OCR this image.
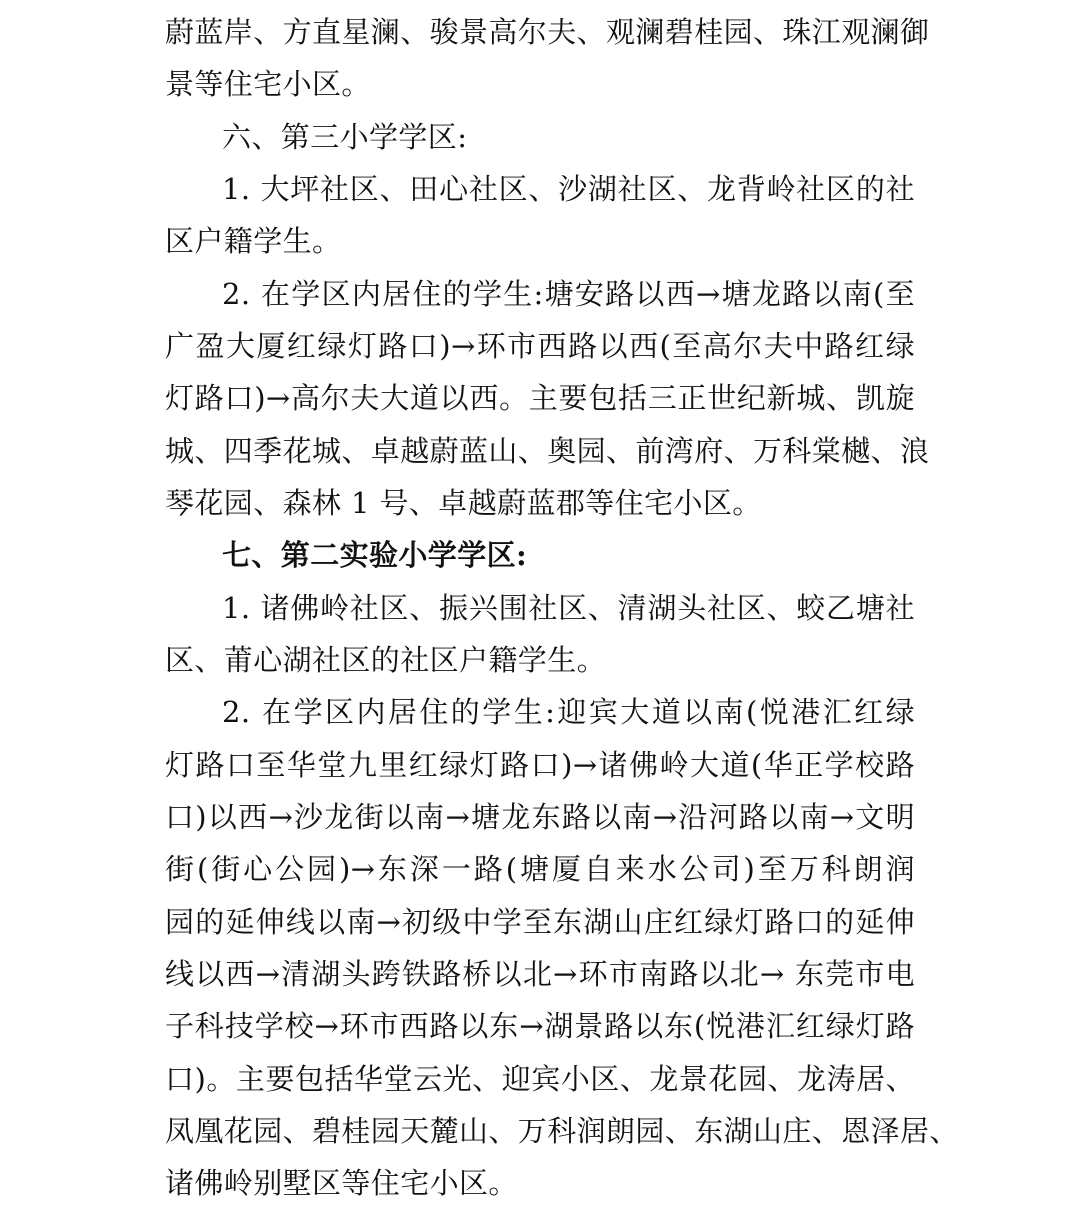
蔚蓝岸、方直星澜、骏景高尔夫、观澜碧桂园、珠江观澜御
景等住宅小区。
六、第三小学学区:
1. 大坪社区、田心社区、沙湖社区、龙背岭社区的社
区户籍学生。
2. 在学区内居住的学生:塘安路以西→塘龙路以南(至
广盈大厦红绿灯路口)→环市西路以西(至高尔夫中路红绿
灯路口)→高尔夫大道以西。主要包括三正世纪新城、凯旋
城、四季花城、卓越蔚蓝山、奥园、前湾府、万科棠樾、浪
琴花园、森林 1 号、卓越蔚蓝郡等住宅小区。
七、第二实验小学学区:
1. 诸佛岭社区、振兴围社区、清湖头社区、蛟乙塘社
区、莆心湖社区的社区户籍学生。
2. 在学区内居住的学生:迎宾大道以南(悦港汇红绿
灯路口至华堂九里红绿灯路口)→诸佛岭大道(华正学校路
口)以西→沙龙街以南→塘龙东路以南→沿河路以南→文明
街(街心公园)→东深一路(塘厦自来水公司)至万科朗润
园的延伸线以南→初级中学至东湖山庄红绿灯路口的延伸
线以西→清湖头跨铁路桥以北→环市南路以北→ 东莞市电
子科技学校→环市西路以东→湖景路以东(悦港汇红绿灯路
口)。主要包括华堂云光、迎宾小区、龙景花园、龙涛居、
凤凰花园、碧桂园天麓山、万科润朗园、东湖山庄、恩泽居、
诸佛岭别墅区等住宅小区。
